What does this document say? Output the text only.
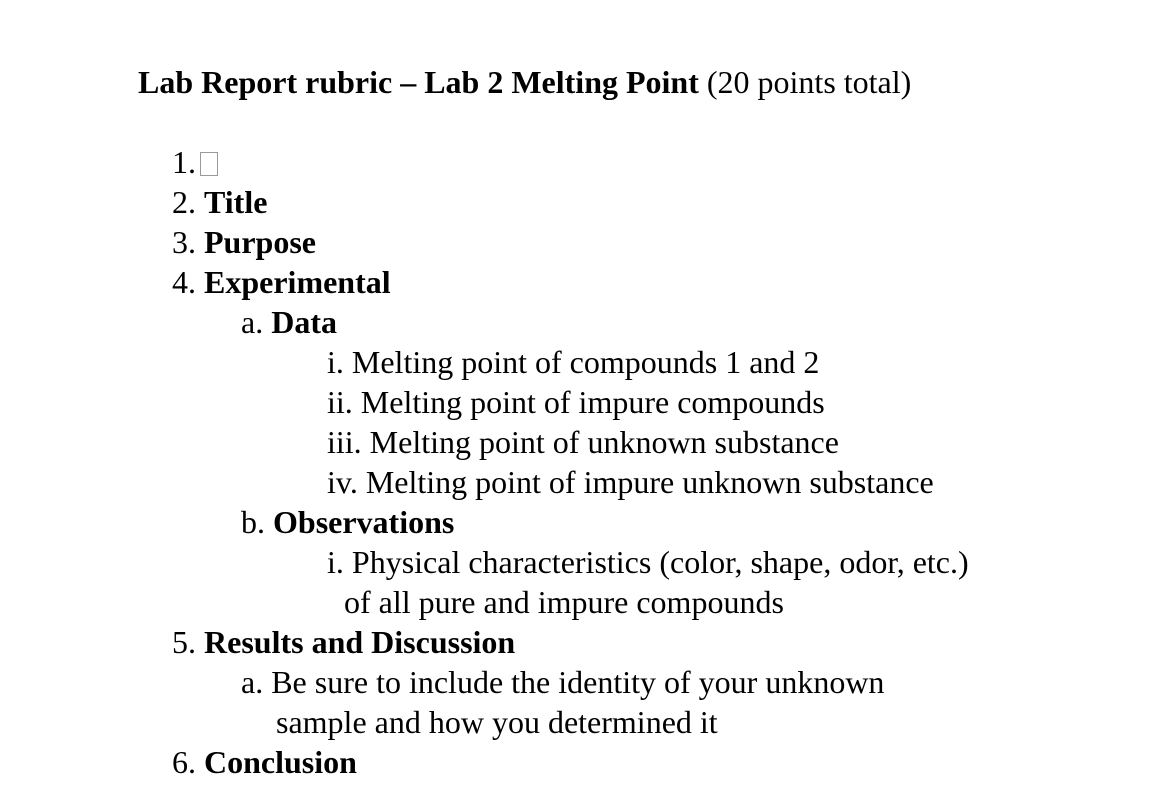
Lab Report rubric – Lab 2 Melting Point (20 points total)
1.
2. Title
3. Purpose
4. Experimental
a. Data
i. Melting point of compounds 1 and 2
ii. Melting point of impure compounds
iii. Melting point of unknown substance
iv. Melting point of impure unknown substance
b. Observations
i. Physical characteristics (color, shape, odor, etc.)
of all pure and impure compounds
5. Results and Discussion
a. Be sure to include the identity of your unknown
sample and how you determined it
6. Conclusion
